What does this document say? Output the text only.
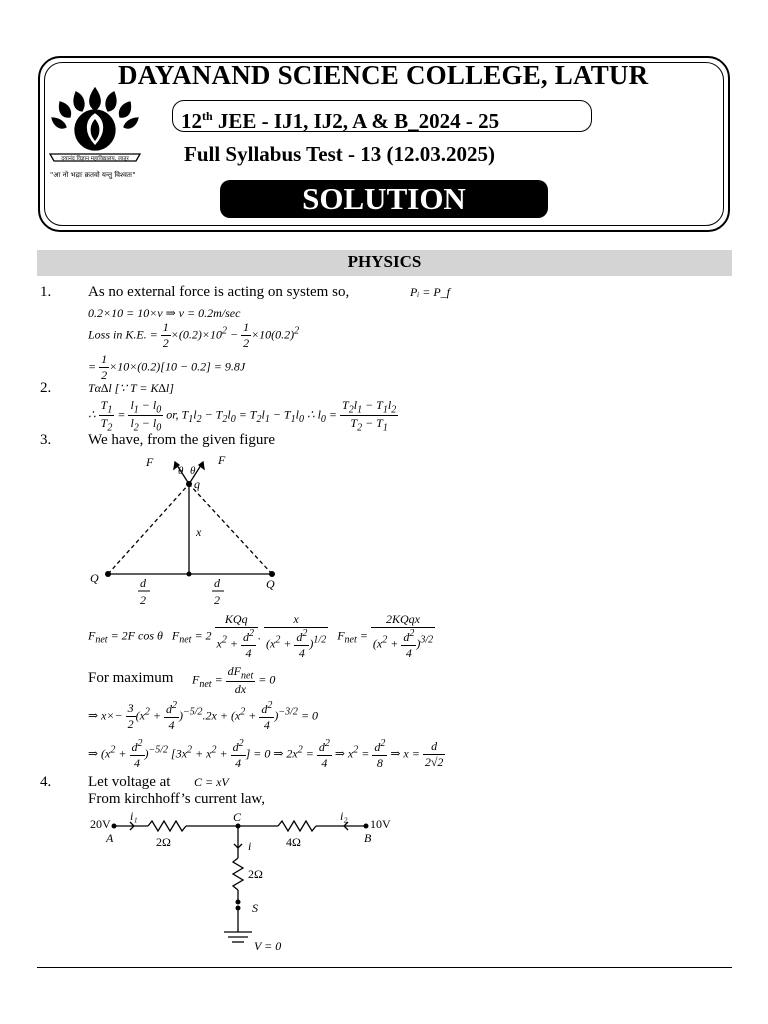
दयानंद विज्ञान महाविद्यालय, लातूर
"आ नो भद्राः क्रतवो यन्तु विश्वतः"
DAYANAND SCIENCE COLLEGE, LATUR
12th JEE - IJ1, IJ2, A & B_2024 - 25
Full Syllabus Test - 13 (12.03.2025)
SOLUTION
PHYSICS
1. As no external force is acting on system so,	Pᵢ = P_f
0.2×10 = 10×v ⇒ v = 0.2m/sec
Loss in K.E. = $\frac{1}{2} \times(0.2)\times 10^2 - \frac{1}{2} \times 10(0.2)^2$
= $\frac{1}{2} \times 10\times(0.2)[10 - 0.2] = 9.8J$
2.	Tα∆l [∵ T = K∆l]
∴ $\frac{T_1}{T_2} = \frac{l_1 - l_0}{l_2 - l_0}$ or, $T_1l_2 - T_2l_0 = T_2l_1 - T_1l_0$ ∴ $l_0 = \frac{T_2l_1 - T_1l_2}{T_2 - T_1}$
3. We have, from the given figure
F	F
θ θ
q
x
Q	Q
d
2
d
2
$F_{net} = 2F$ cos θ   $F_{net} = 2 \frac{\text{KQq}}{x^2 + \frac{d^2}{4}}$ . $\frac{x}{(x^2 + \frac{d^2}{4} )^{1/2}} F_{net} = \frac{\text{2KQqx}}{(x^2 + \frac{d^2}{4} )^{3/2}}$
For maximum $F_{net} = \frac{dF_{net}}{dx} = 0$
⇒ $x\times- \frac{3}{2} (x^2 + \frac{d^2}{4} )^{-5/2}.2x + (x^2 + \frac{d^2}{4} )^{-3/2} = 0$
⇒ $(x^2 + \frac{d^2}{4} )^{-5/2}$ [$3x^2 + x^2 + \frac{d^2}{4}$ ] = 0 ⇒ $2x^2 = \frac{d^2}{4}$ ⇒ $x^2 = \frac{d^2}{8}$ ⇒ $x = \frac{d}{2√2}$
4. Let voltage at C = xV
From kirchhoff’s current law,
20V
A
i₁
2Ω
C
4Ω
i₂
10V
B
i
2Ω
S
V = 0
